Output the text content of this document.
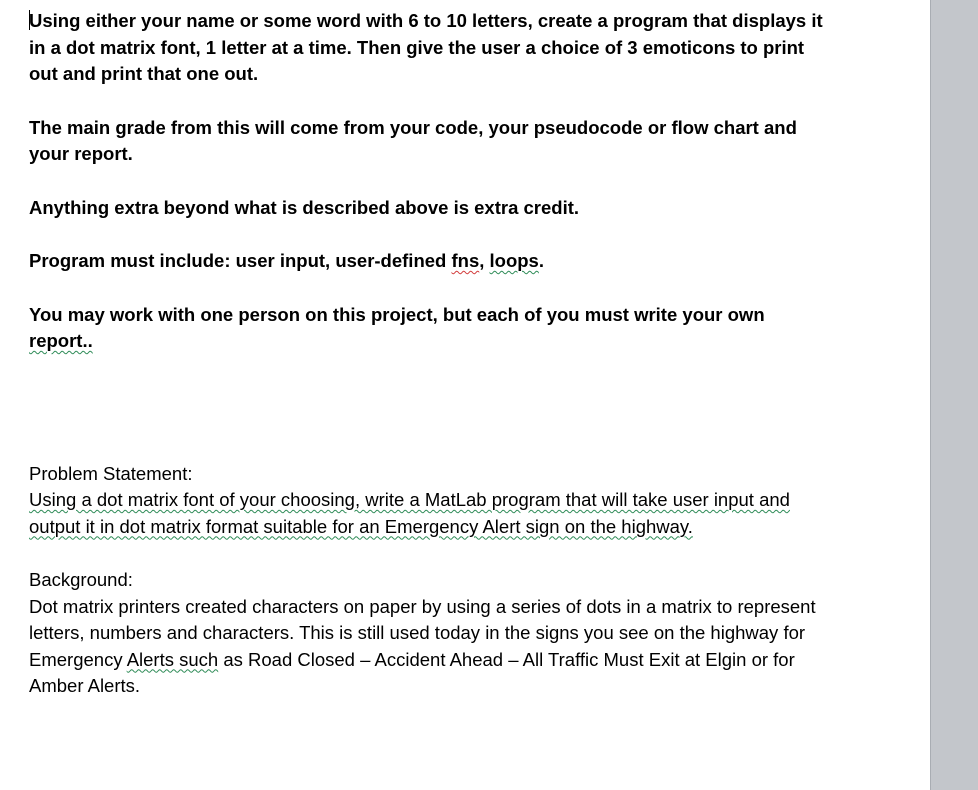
Using either your name or some word with 6 to 10 letters, create a program that displays it in a dot matrix font, 1 letter at a time. Then give the user a choice of 3 emoticons to print out and print that one out.

The main grade from this will come from your code, your pseudocode or flow chart and your report.

Anything extra beyond what is described above is extra credit.

Program must include: user input, user-defined fns, loops.

You may work with one person on this project, but each of you must write your own report..

Problem Statement:

Using a dot matrix font of your choosing, write a MatLab program that will take user input and output it in dot matrix format suitable for an Emergency Alert sign on the highway.

Background:

Dot matrix printers created characters on paper by using a series of dots in a matrix to represent letters, numbers and characters. This is still used today in the signs you see on the highway for Emergency Alerts such as Road Closed – Accident Ahead – All Traffic Must Exit at Elgin or for Amber Alerts.
